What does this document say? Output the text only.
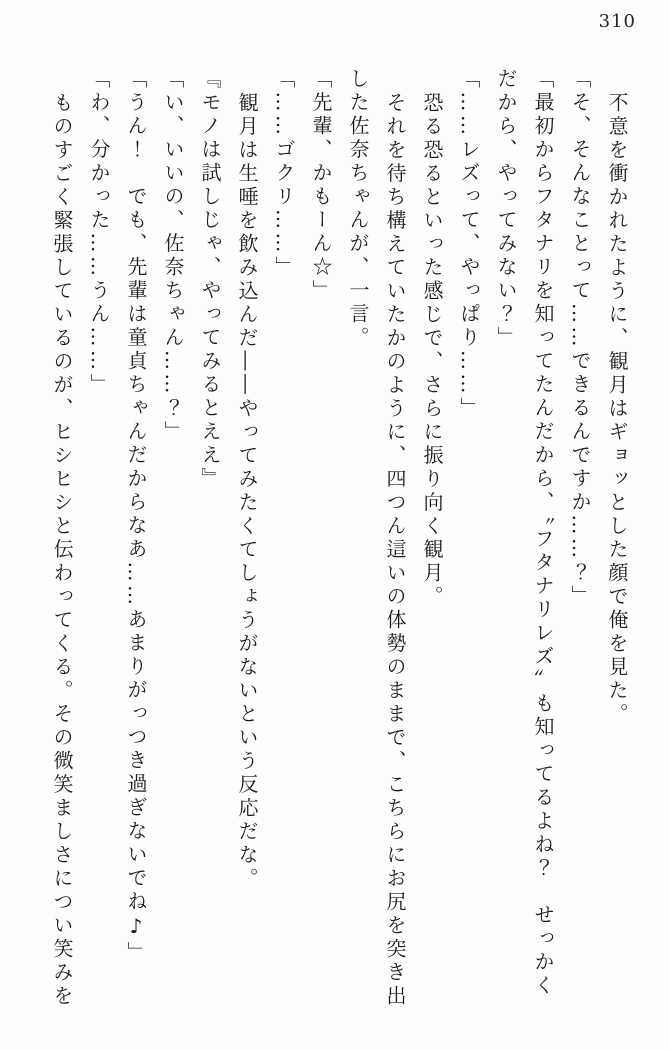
310

不意を衝かれたように、観月はギョッとした顔で俺を見た。

「そ、そんなことって……できるんですか……？」

「最初からフタナリを知ってたんだから、〝フタナリレズ〟も知ってるよね？　せっかく

だから、やってみない？」

「……レズって、やっぱり……」

恐る恐るといった感じで、さらに振り向く観月。

それを待ち構えていたかのように、四つん這いの体勢のままで、こちらにお尻を突き出

した佐奈ちゃんが、一言。

「先輩、かもーん☆」

「……ゴクリ……」

観月は生唾を飲み込んだ――やってみたくてしょうがないという反応だな。

『モノは試しじゃ、やってみるとええ』

「い、いいの、佐奈ちゃん……？」

「うん！　でも、先輩は童貞ちゃんだからなあ……あまりがっつき過ぎないでね♪」

「わ、分かった……うん……」

ものすごく緊張しているのが、ヒシヒシと伝わってくる。その微笑ましさについ笑みを
